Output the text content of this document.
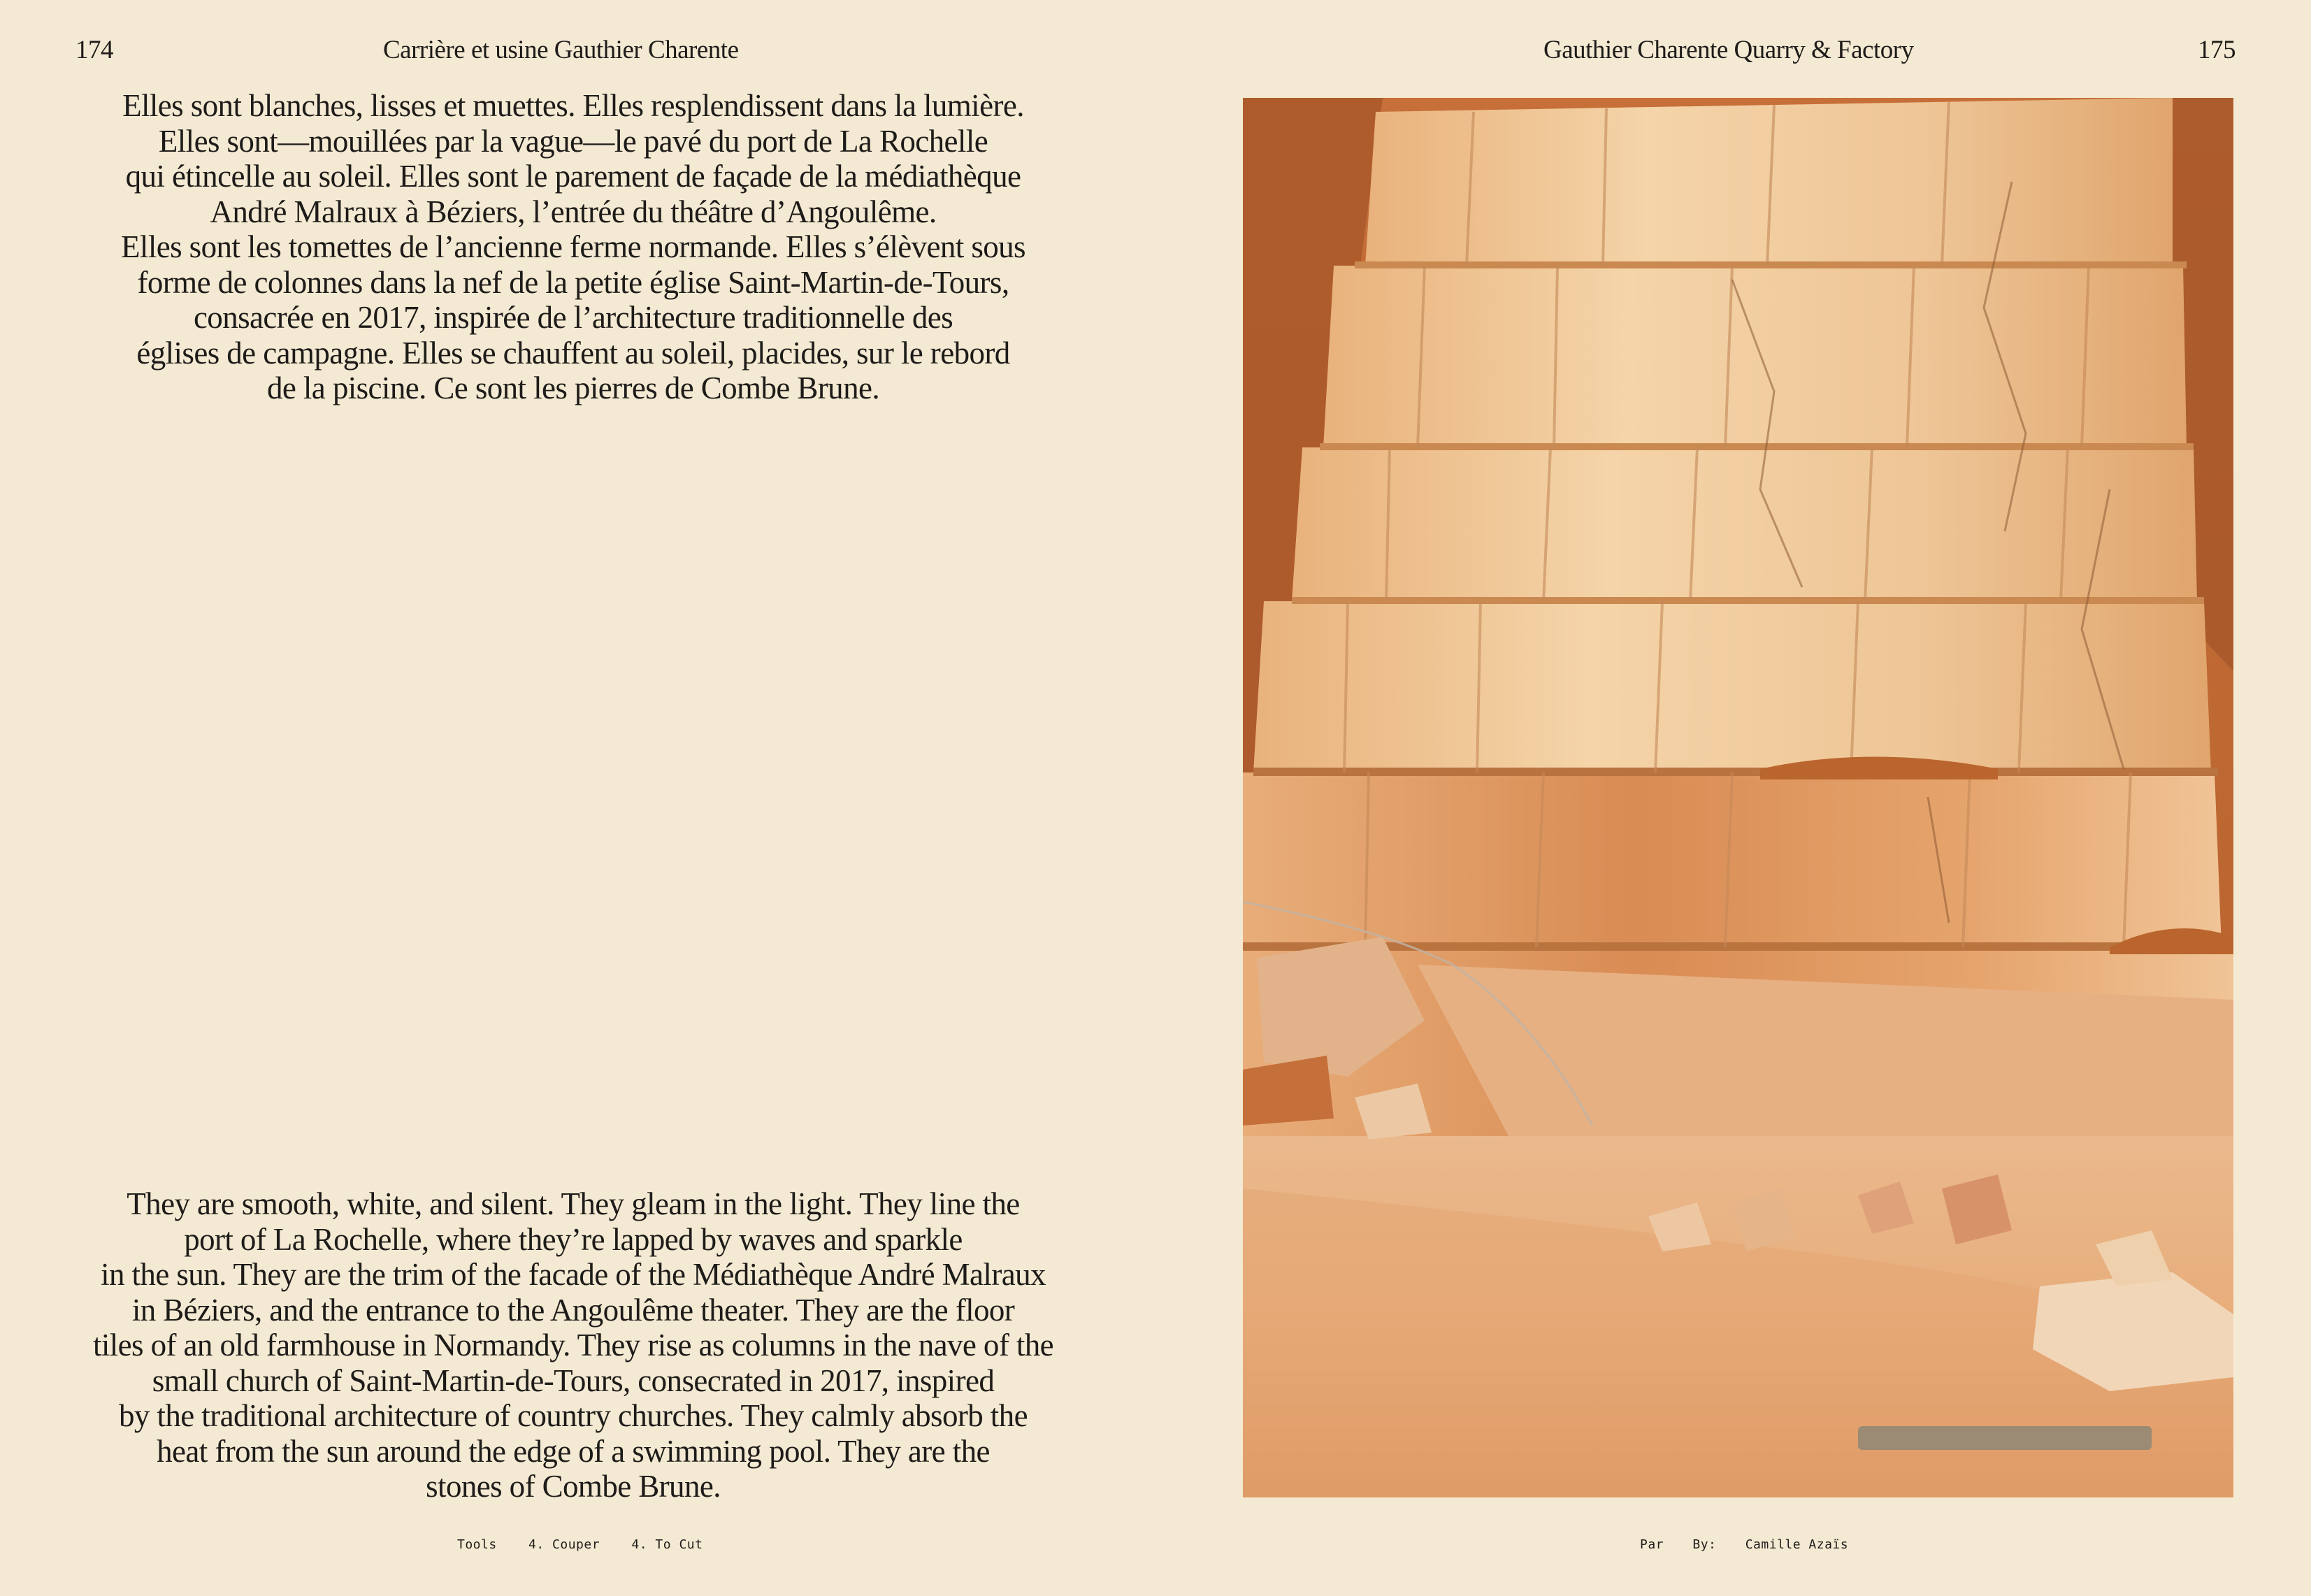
174	Carrière et usine Gauthier Charente

Elles sont blanches, lisses et muettes. Elles resplendissent dans la lumière.
Elles sont—mouillées par la vague—le pavé du port de La Rochelle
qui étincelle au soleil. Elles sont le parement de façade de la médiathèque
André Malraux à Béziers, l’entrée du théâtre d’Angoulême.
Elles sont les tomettes de l’ancienne ferme normande. Elles s’élèvent sous
forme de colonnes dans la nef de la petite église Saint-Martin-de-Tours,
consacrée en 2017, inspirée de l’architecture traditionnelle des
églises de campagne. Elles se chauffent au soleil, placides, sur le rebord
de la piscine. Ce sont les pierres de Combe Brune.

They are smooth, white, and silent. They gleam in the light. They line the
port of La Rochelle, where they’re lapped by waves and sparkle
in the sun. They are the trim of the facade of the Médiathèque André Malraux
in Béziers, and the entrance to the Angoulême theater. They are the floor
tiles of an old farmhouse in Normandy. They rise as columns in the nave of the
small church of Saint-Martin-de-Tours, consecrated in 2017, inspired
by the traditional architecture of country churches. They calmly absorb the
heat from the sun around the edge of a swimming pool. They are the
stones of Combe Brune.

Tools	4. Couper	4. To Cut
Gauthier Charente Quarry & Factory	175
Par By: Camille Azaïs
